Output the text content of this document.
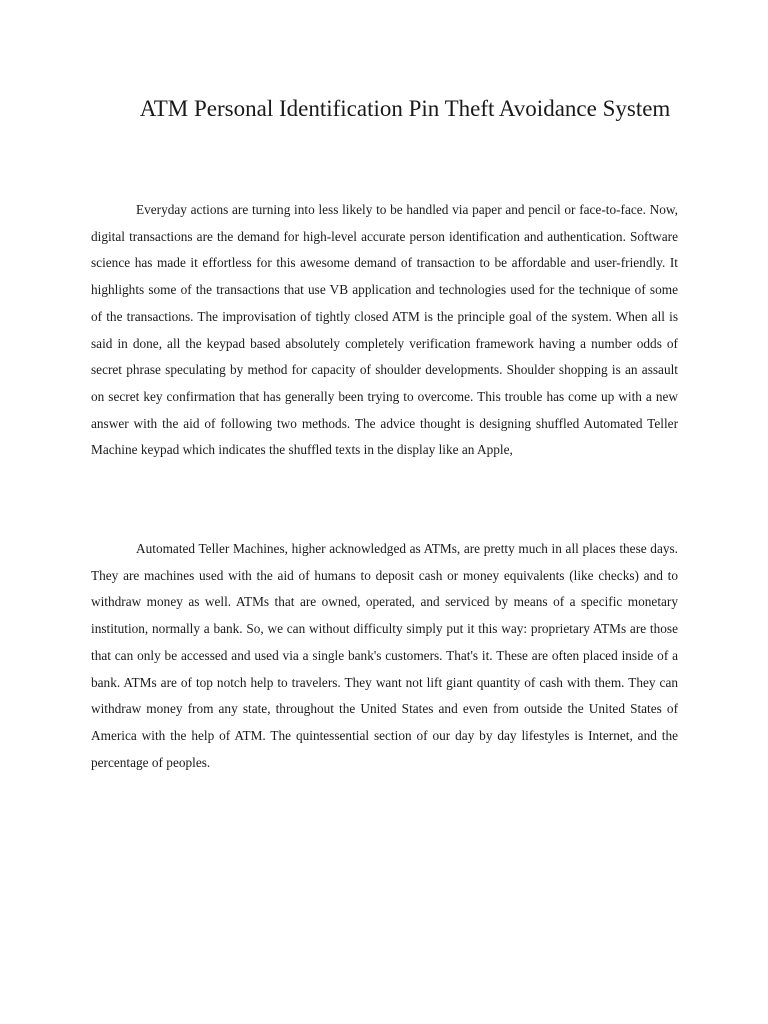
ATM Personal Identification Pin Theft Avoidance System

Everyday actions are turning into less likely to be handled via paper and pencil or face-to-face. Now, digital transactions are the demand for high-level accurate person identification and authentication. Software science has made it effortless for this awesome demand of transaction to be affordable and user-friendly. It highlights some of the transactions that use VB application and technologies used for the technique of some of the transactions. The improvisation of tightly closed ATM is the principle goal of the system. When all is said in done, all the keypad based absolutely completely verification framework having a number odds of secret phrase speculating by method for capacity of shoulder developments. Shoulder shopping is an assault on secret key confirmation that has generally been trying to overcome. This trouble has come up with a new answer with the aid of following two methods. The advice thought is designing shuffled Automated Teller Machine keypad which indicates the shuffled texts in the display like an Apple,

Automated Teller Machines, higher acknowledged as ATMs, are pretty much in all places these days. They are machines used with the aid of humans to deposit cash or money equivalents (like checks) and to withdraw money as well. ATMs that are owned, operated, and serviced by means of a specific monetary institution, normally a bank. So, we can without difficulty simply put it this way: proprietary ATMs are those that can only be accessed and used via a single bank's customers. That's it. These are often placed inside of a bank. ATMs are of top notch help to travelers. They want not lift giant quantity of cash with them. They can withdraw money from any state, throughout the United States and even from outside the United States of America with the help of ATM. The quintessential section of our day by day lifestyles is Internet, and the percentage of peoples.
